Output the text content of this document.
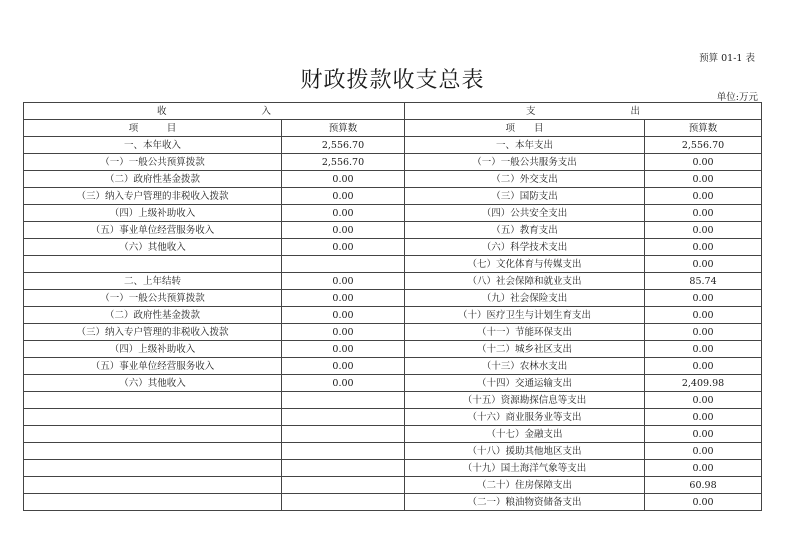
预算 01-1 表
财政拨款收支总表
单位:万元
收　　　　　　　　　　入		支　　　　　　　　　　出	
项　　　目	预算数	项　　目	预算数
一、本年收入	2,556.70	一、本年支出	2,556.70
（一）一般公共预算拨款	2,556.70	（一）一般公共服务支出	0.00
（二）政府性基金拨款	0.00	（二）外交支出	0.00
（三）纳入专户管理的非税收入拨款	0.00	（三）国防支出	0.00
（四）上级补助收入	0.00	（四）公共安全支出	0.00
（五）事业单位经营服务收入	0.00	（五）教育支出	0.00
（六）其他收入	0.00	（六）科学技术支出	0.00
		（七）文化体育与传媒支出	0.00
二、上年结转	0.00	（八）社会保障和就业支出	85.74
（一）一般公共预算拨款	0.00	（九）社会保险支出	0.00
（二）政府性基金拨款	0.00	（十）医疗卫生与计划生育支出	0.00
（三）纳入专户管理的非税收入拨款	0.00	（十一）节能环保支出	0.00
（四）上级补助收入	0.00	（十二）城乡社区支出	0.00
（五）事业单位经营服务收入	0.00	（十三）农林水支出	0.00
（六）其他收入	0.00	（十四）交通运输支出	2,409.98
		（十五）资源勘探信息等支出	0.00
		（十六）商业服务业等支出	0.00
		（十七）金融支出	0.00
		（十八）援助其他地区支出	0.00
		（十九）国土海洋气象等支出	0.00
		（二十）住房保障支出	60.98
		（二一）粮油物资储备支出	0.00
